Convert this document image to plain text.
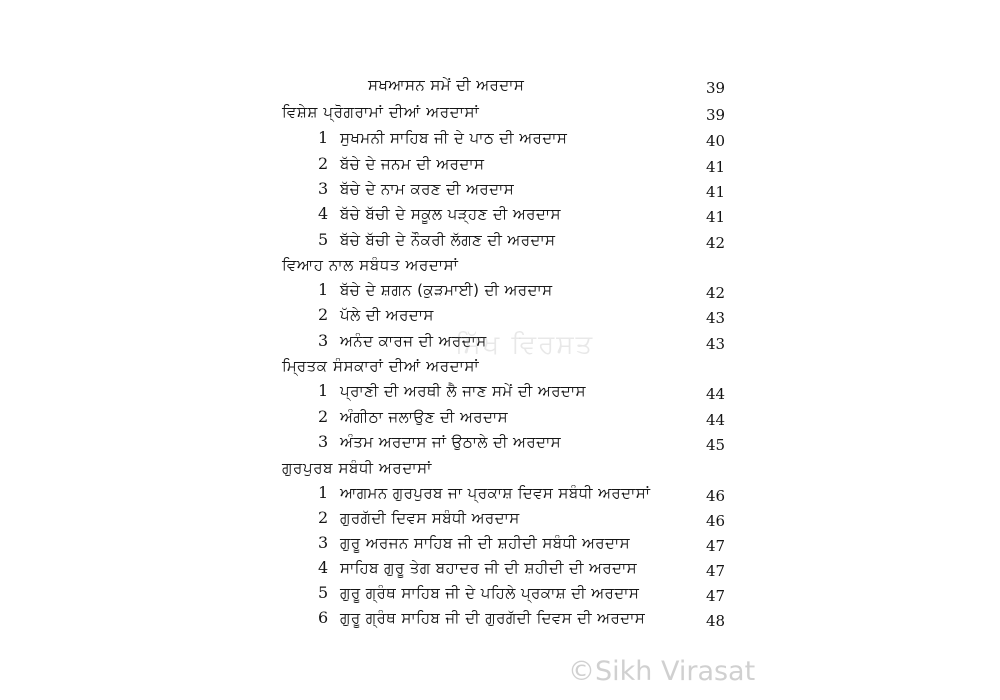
ਸਖਆਸਨ ਸਮੇਂ ਦੀ ਅਰਦਾਸ	39
ਵਿਸ਼ੇਸ਼ ਪ੍ਰੋਗਰਾਮਾਂ ਦੀਆਂ ਅਰਦਾਸਾਂ	39
1 ਸੁਖਮਨੀ ਸਾਹਿਬ ਜੀ ਦੇ ਪਾਠ ਦੀ ਅਰਦਾਸ	40
2 ਬੱਚੇ ਦੇ ਜਨਮ ਦੀ ਅਰਦਾਸ	41
3 ਬੱਚੇ ਦੇ ਨਾਮ ਕਰਣ ਦੀ ਅਰਦਾਸ	41
4 ਬੱਚੇ ਬੱਚੀ ਦੇ ਸਕੂਲ ਪੜ੍ਹਣ ਦੀ ਅਰਦਾਸ	41
5 ਬੱਚੇ ਬੱਚੀ ਦੇ ਨੌਕਰੀ ਲੱਗਣ ਦੀ ਅਰਦਾਸ	42
ਵਿਆਹ ਨਾਲ ਸਬੰਧਤ ਅਰਦਾਸਾਂ
1 ਬੱਚੇ ਦੇ ਸ਼ਗਨ (ਕੁੜਮਾਈ) ਦੀ ਅਰਦਾਸ	42
2 ਪੱਲੇ ਦੀ ਅਰਦਾਸ	43
3 ਅਨੰਦ ਕਾਰਜ ਦੀ ਅਰਦਾਸ	43
ਮ੍ਰਿਤਕ ਸੰਸਕਾਰਾਂ ਦੀਆਂ ਅਰਦਾਸਾਂ
1 ਪ੍ਰਾਣੀ ਦੀ ਅਰਥੀ ਲੈ ਜਾਣ ਸਮੇਂ ਦੀ ਅਰਦਾਸ	44
2 ਅੰਗੀਠਾ ਜਲਾਉਣ ਦੀ ਅਰਦਾਸ	44
3 ਅੰਤਮ ਅਰਦਾਸ ਜਾਂ ਉਠਾਲੇ ਦੀ ਅਰਦਾਸ	45
ਗੁਰਪੁਰਬ ਸਬੰਧੀ ਅਰਦਾਸਾਂ
1 ਆਗਮਨ ਗੁਰਪੁਰਬ ਜਾ ਪ੍ਰਕਾਸ਼ ਦਿਵਸ ਸਬੰਧੀ ਅਰਦਾਸਾਂ	46
2 ਗੁਰਗੱਦੀ ਦਿਵਸ ਸਬੰਧੀ ਅਰਦਾਸ	46
3 ਗੁਰੂ ਅਰਜਨ ਸਾਹਿਬ ਜੀ ਦੀ ਸ਼ਹੀਦੀ ਸਬੰਧੀ ਅਰਦਾਸ	47
4 ਸਾਹਿਬ ਗੁਰੂ ਤੇਗ ਬਹਾਦਰ ਜੀ ਦੀ ਸ਼ਹੀਦੀ ਦੀ ਅਰਦਾਸ	47
5 ਗੁਰੂ ਗ੍ਰੰਥ ਸਾਹਿਬ ਜੀ ਦੇ ਪਹਿਲੇ ਪ੍ਰਕਾਸ਼ ਦੀ ਅਰਦਾਸ	47
6 ਗੁਰੂ ਗ੍ਰੰਥ ਸਾਹਿਬ ਜੀ ਦੀ ਗੁਰਗੱਦੀ ਦਿਵਸ ਦੀ ਅਰਦਾਸ	48
ਸਿੱਖ ਵਿਰਸਤ
©Sikh Virasat
